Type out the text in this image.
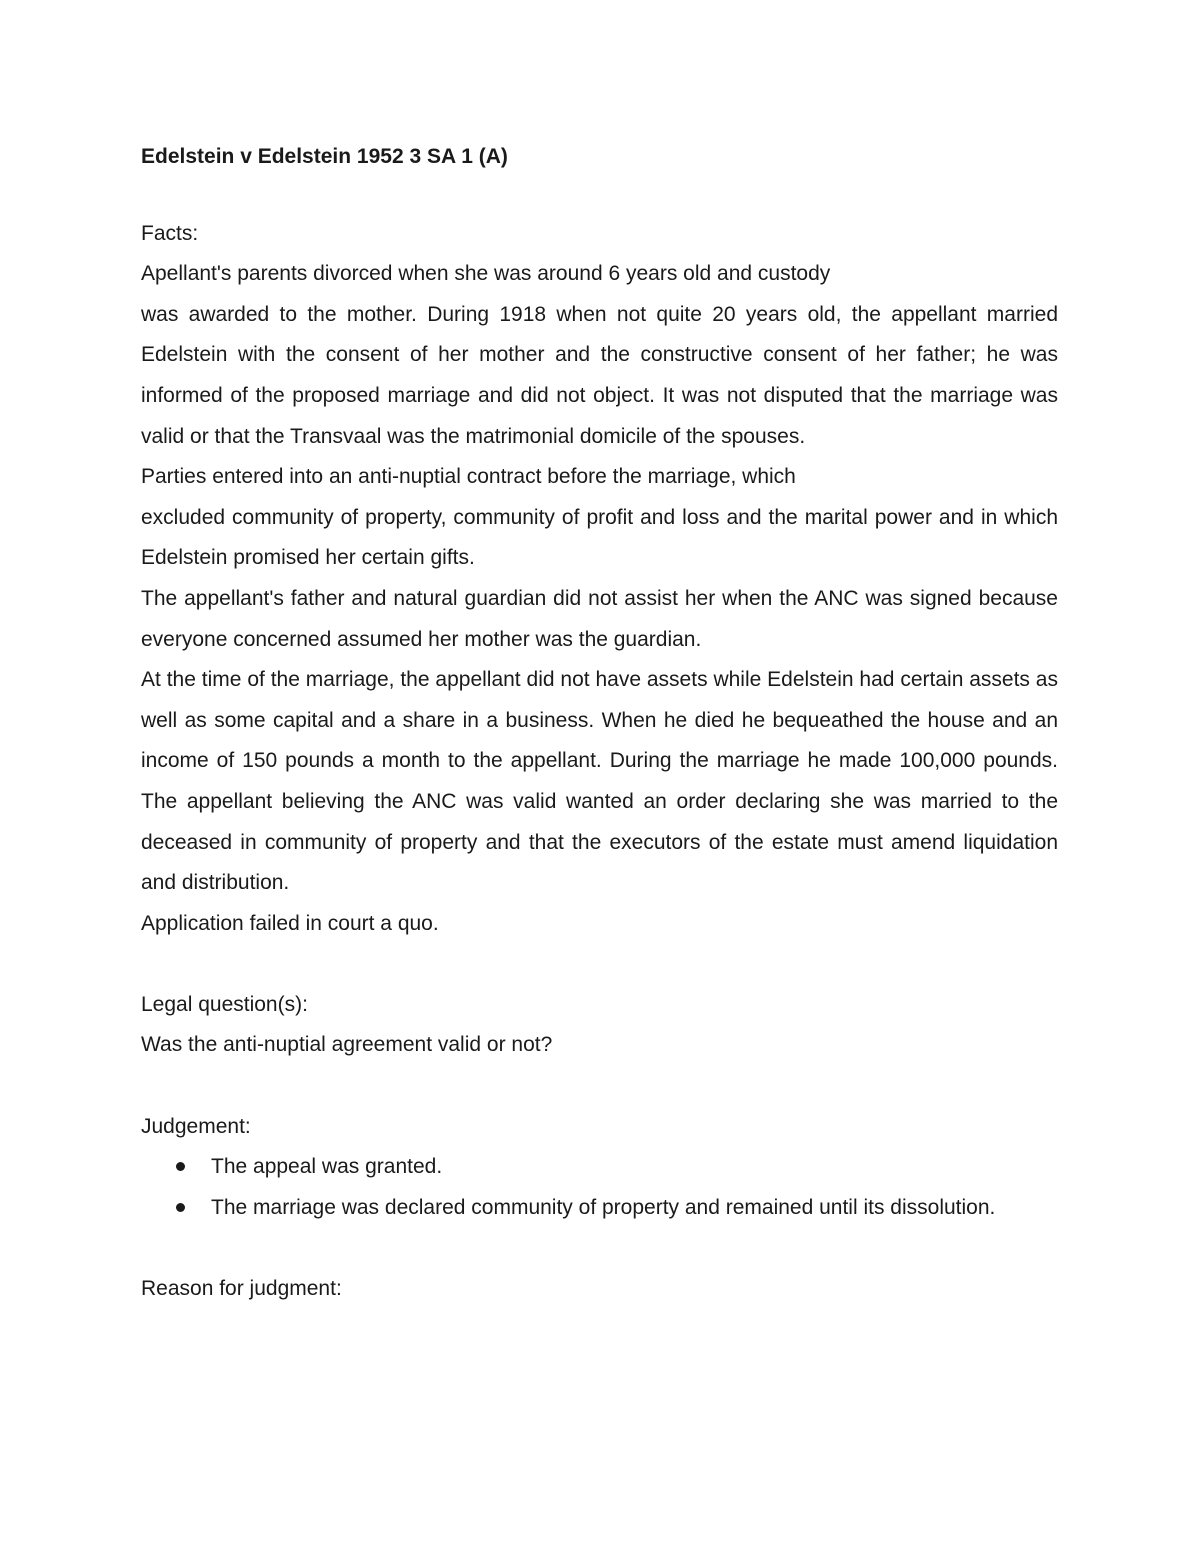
Edelstein v Edelstein 1952 3 SA 1 (A)

Facts:

Apellant's parents divorced when she was around 6 years old and custody

was awarded to the mother. During 1918 when not quite 20 years old, the appellant married Edelstein with the consent of her mother and the constructive consent of her father; he was informed of the proposed marriage and did not object. It was not disputed that the marriage was valid or that the Transvaal was the matrimonial domicile of the spouses.

Parties entered into an anti-nuptial contract before the marriage, which

excluded community of property, community of profit and loss and the marital power and in which Edelstein promised her certain gifts.

The appellant's father and natural guardian did not assist her when the ANC was signed because everyone concerned assumed her mother was the guardian.

At the time of the marriage, the appellant did not have assets while Edelstein had certain assets as well as some capital and a share in a business. When he died he bequeathed the house and an income of 150 pounds a month to the appellant. During the marriage he made 100,000 pounds. The appellant believing the ANC was valid wanted an order declaring she was married to the deceased in community of property and that the executors of the estate must amend liquidation and distribution.

Application failed in court a quo.

Legal question(s):

Was the anti-nuptial agreement valid or not?

Judgement:

The appeal was granted.
The marriage was declared community of property and remained until its dissolution.

Reason for judgment:
